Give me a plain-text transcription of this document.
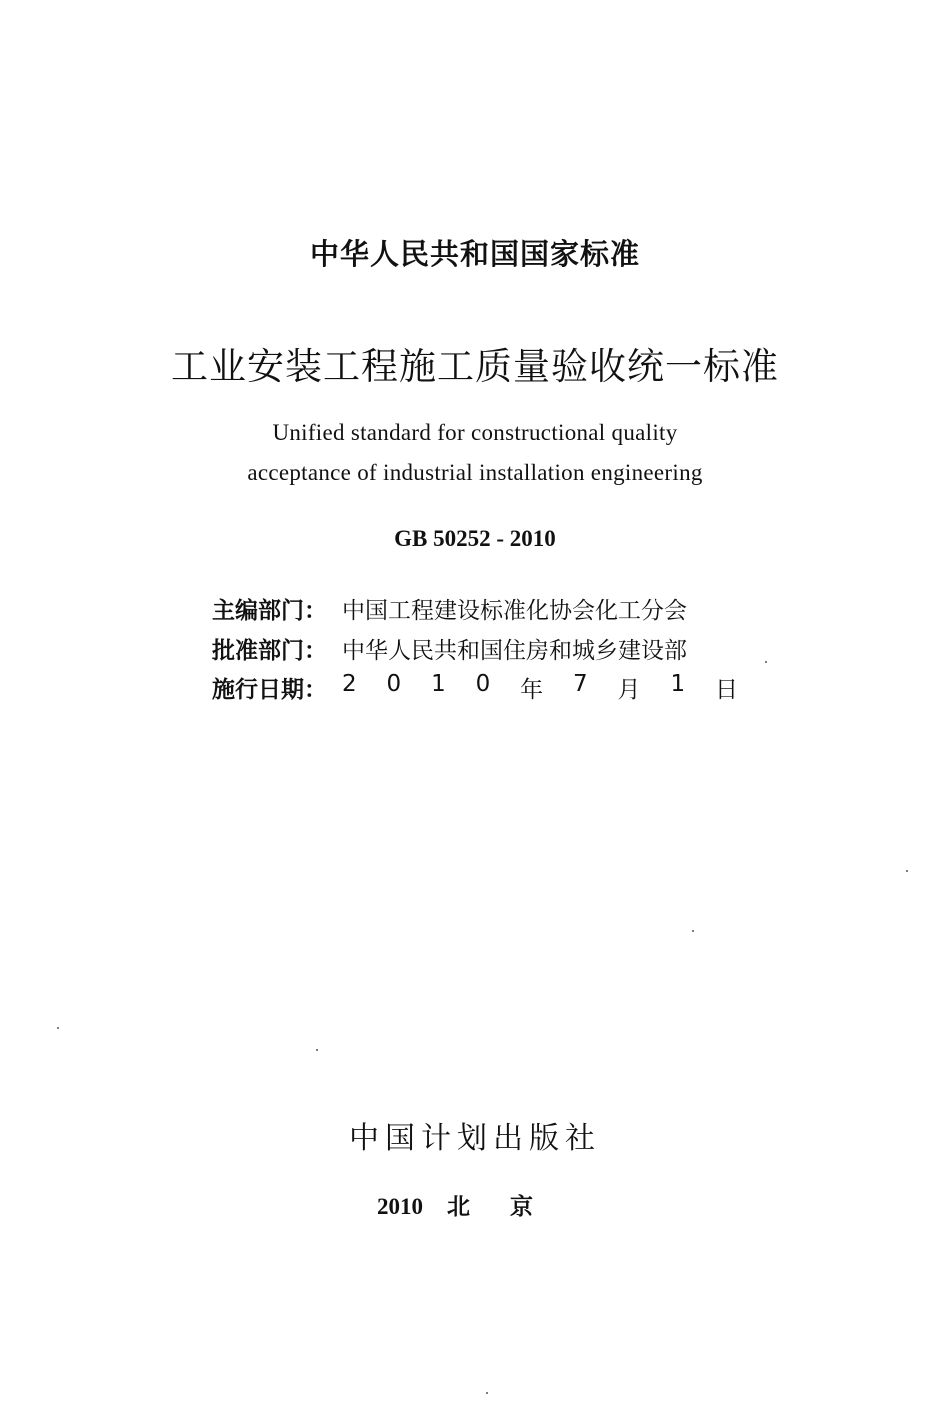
中华人民共和国国家标准
工业安装工程施工质量验收统一标准
Unified standard for constructional quality
acceptance of industrial installation engineering
GB 50252 - 2010
主编部门： 中国工程建设标准化协会化工分会
批准部门： 中华人民共和国住房和城乡建设部
施行日期： 2 0 1 0 年 7 月 1 日
中国计划出版社
2010 北京
